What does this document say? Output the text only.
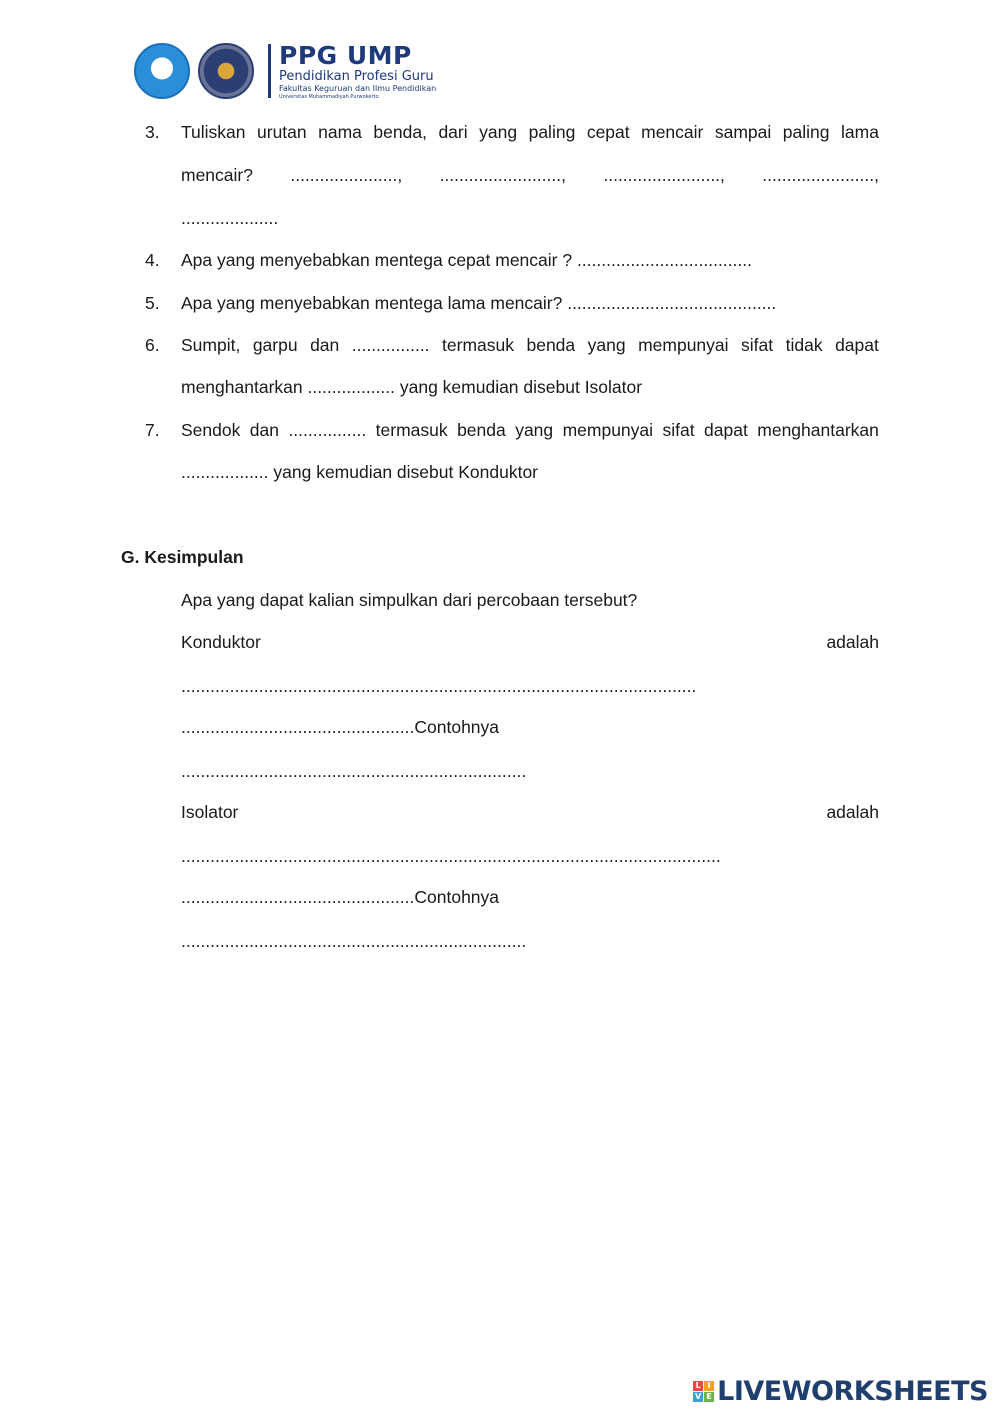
PPG UMP
Pendidikan Profesi Guru
Fakultas Keguruan dan Ilmu Pendidikan
Universitas Muhammadiyah Purwokerto
3. Tuliskan urutan nama benda, dari yang paling cepat mencair sampai paling lama
mencair? ......................, ........................., ........................, .......................,
....................
4. Apa yang menyebabkan mentega cepat mencair ? ....................................
5. Apa yang menyebabkan mentega lama mencair? ...........................................
6. Sumpit, garpu dan ................ termasuk benda yang mempunyai sifat tidak dapat
menghantarkan .................. yang kemudian disebut Isolator
7. Sendok dan ................ termasuk benda yang mempunyai sifat dapat menghantarkan
.................. yang kemudian disebut Konduktor
G. Kesimpulan
Apa yang dapat kalian simpulkan dari percobaan tersebut?
Konduktor	adalah
..........................................................................................................
................................................Contohnya
.......................................................................
Isolator	adalah
...............................................................................................................
................................................Contohnya
.......................................................................
L I
V E LIVEWORKSHEETS
